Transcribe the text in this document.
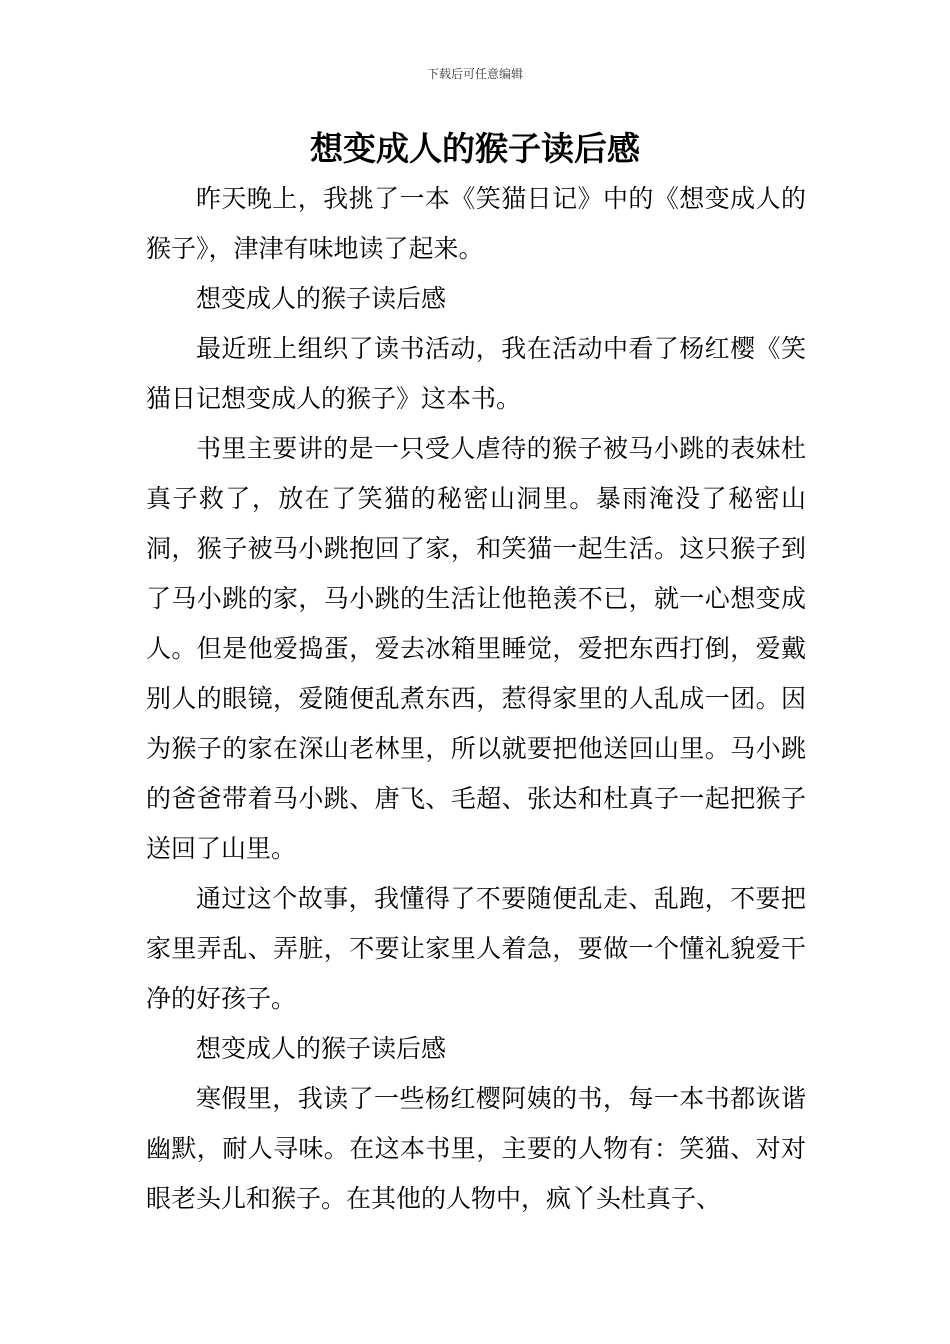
下载后可任意编辑
想变成人的猴子读后感

昨天晚上，我挑了一本《笑猫日记》中的《想变成人的猴子》，津津有味地读了起来。

想变成人的猴子读后感

最近班上组织了读书活动，我在活动中看了杨红樱《笑猫日记想变成人的猴子》这本书。

书里主要讲的是一只受人虐待的猴子被马小跳的表妹杜真子救了，放在了笑猫的秘密山洞里。暴雨淹没了秘密山洞，猴子被马小跳抱回了家，和笑猫一起生活。这只猴子到了马小跳的家，马小跳的生活让他艳羡不已，就一心想变成人。但是他爱捣蛋，爱去冰箱里睡觉，爱把东西打倒，爱戴别人的眼镜，爱随便乱煮东西，惹得家里的人乱成一团。因为猴子的家在深山老林里，所以就要把他送回山里。马小跳的爸爸带着马小跳、唐飞、毛超、张达和杜真子一起把猴子送回了山里。

通过这个故事，我懂得了不要随便乱走、乱跑，不要把家里弄乱、弄脏，不要让家里人着急，要做一个懂礼貌爱干净的好孩子。

想变成人的猴子读后感

寒假里，我读了一些杨红樱阿姨的书，每一本书都诙谐幽默，耐人寻味。在这本书里，主要的人物有：笑猫、对对眼老头儿和猴子。在其他的人物中，疯丫头杜真子、
